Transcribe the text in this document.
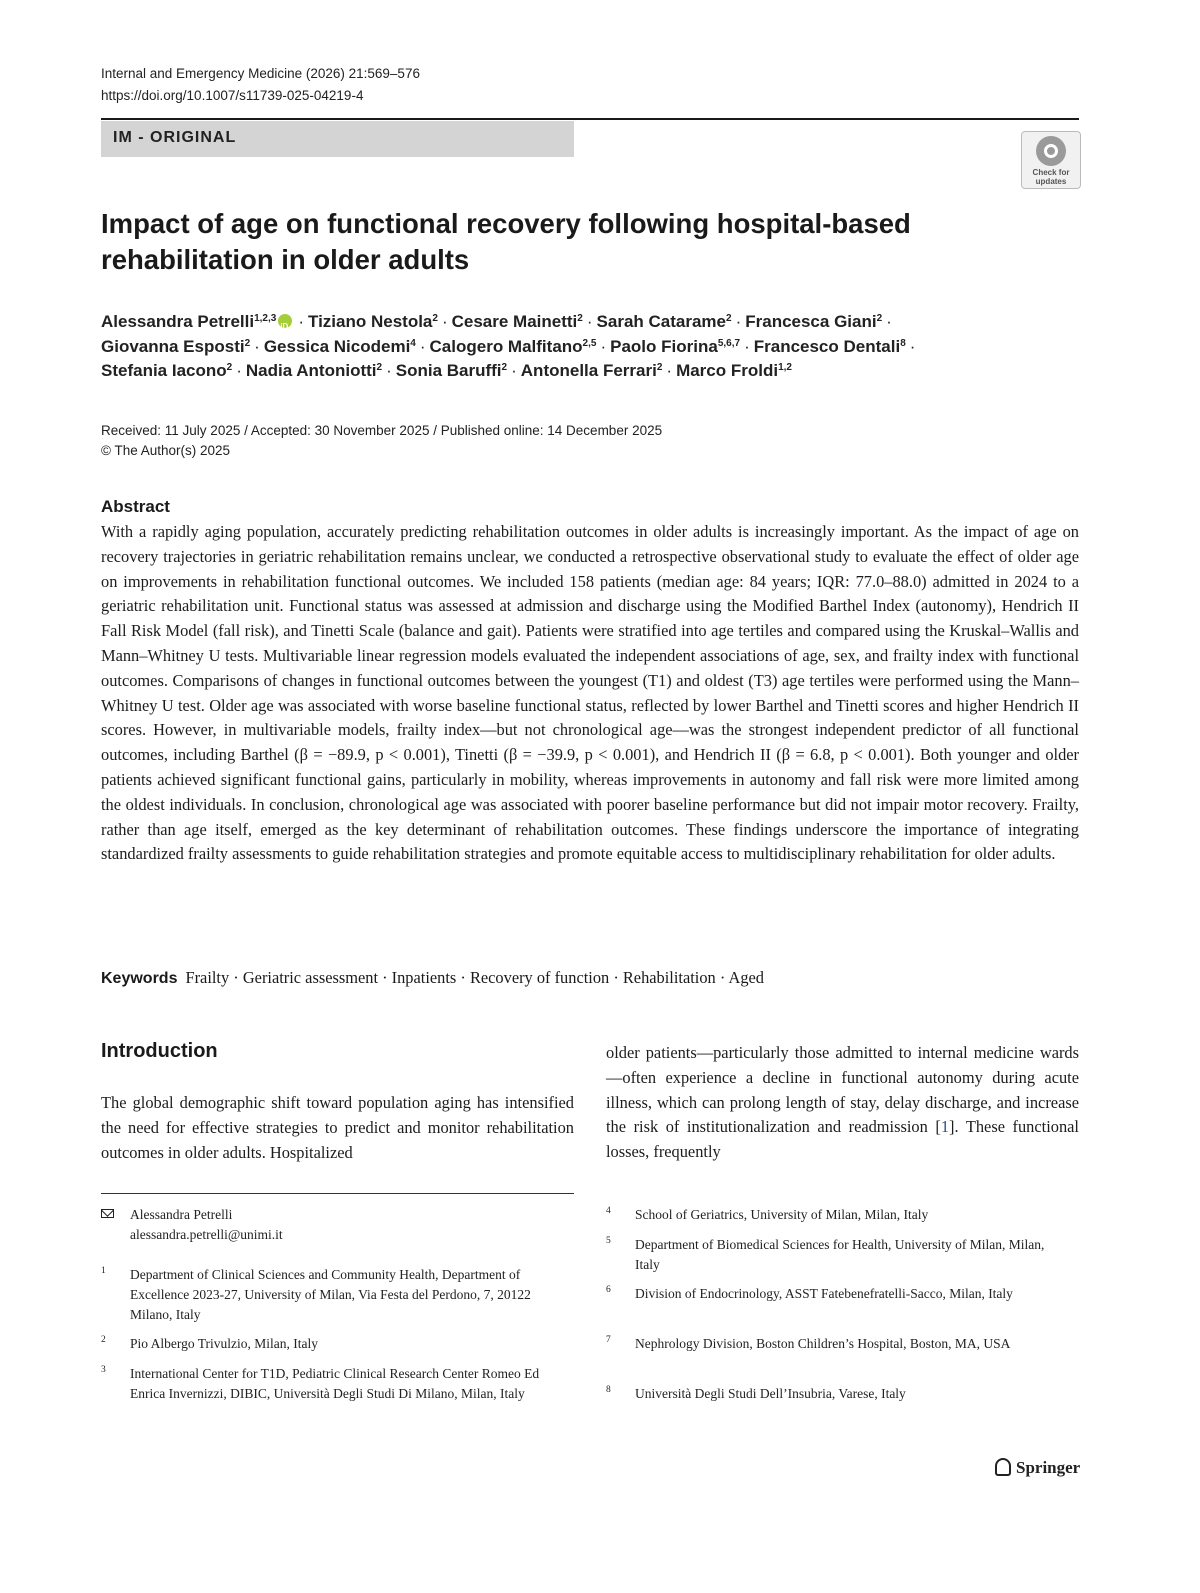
Internal and Emergency Medicine (2026) 21:569–576
https://doi.org/10.1007/s11739-025-04219-4
IM - ORIGINAL
Check for
updates
Impact of age on functional recovery following hospital-based
rehabilitation in older adults
Alessandra Petrelli$^{1,2,3}$iD · Tiziano Nestola$^2$ · Cesare Mainetti$^2$ · Sarah Catarame$^2$ · Francesca Giani$^2$ ·
Giovanna Esposti$^2$ · Gessica Nicodemi$^4$ · Calogero Malfitano$^{2,5}$ · Paolo Fiorina$^{5,6,7}$ · Francesco Dentali$^8$ ·
Stefania Iacono$^2$ · Nadia Antoniotti$^2$ · Sonia Baruffi$^2$ · Antonella Ferrari$^2$ · Marco Froldi$^{1,2}$
Received: 11 July 2025 / Accepted: 30 November 2025 / Published online: 14 December 2025
© The Author(s) 2025
Abstract
With a rapidly aging population, accurately predicting rehabilitation outcomes in older adults is increasingly important. As the impact of age on recovery trajectories in geriatric rehabilitation remains unclear, we conducted a retrospective observational study to evaluate the effect of older age on improvements in rehabilitation functional outcomes. We included 158 patients (median age: 84 years; IQR: 77.0–88.0) admitted in 2024 to a geriatric rehabilitation unit. Functional status was assessed at admission and discharge using the Modified Barthel Index (autonomy), Hendrich II Fall Risk Model (fall risk), and Tinetti Scale (balance and gait). Patients were stratified into age tertiles and compared using the Kruskal–Wallis and Mann–Whitney U tests. Multivariable linear regression models evaluated the independent associations of age, sex, and frailty index with functional outcomes. Comparisons of changes in functional outcomes between the youngest (T1) and oldest (T3) age tertiles were performed using the Mann–Whitney U test. Older age was associated with worse baseline functional status, reflected by lower Barthel and Tinetti scores and higher Hendrich II scores. However, in multivariable models, frailty index—but not chronological age—was the strongest independent predictor of all functional outcomes, including Barthel (β = −89.9, p < 0.001), Tinetti (β = −39.9, p < 0.001), and Hendrich II (β = 6.8, p < 0.001). Both younger and older patients achieved significant functional gains, particularly in mobility, whereas improvements in autonomy and fall risk were more limited among the oldest individuals. In conclusion, chronological age was associated with poorer baseline performance but did not impair motor recovery. Frailty, rather than age itself, emerged as the key determinant of rehabilitation outcomes. These findings underscore the importance of integrating standardized frailty assessments to guide rehabilitation strategies and promote equitable access to multidisciplinary rehabilitation for older adults.
Keywords Frailty · Geriatric assessment · Inpatients · Recovery of function · Rehabilitation · Aged
Introduction
The global demographic shift toward population aging has intensified the need for effective strategies to predict and monitor rehabilitation outcomes in older adults. Hospitalized
older patients—particularly those admitted to internal medicine wards—often experience a decline in functional autonomy during acute illness, which can prolong length of stay, delay discharge, and increase the risk of institutionalization and readmission [1]. These functional losses, frequently
Alessandra Petrelli
alessandra.petrelli@unimi.it
1 Department of Clinical Sciences and Community Health, Department of Excellence 2023-27, University of Milan, Via Festa del Perdono, 7, 20122 Milano, Italy
2 Pio Albergo Trivulzio, Milan, Italy
3 International Center for T1D, Pediatric Clinical Research Center Romeo Ed Enrica Invernizzi, DIBIC, Università Degli Studi Di Milano, Milan, Italy
4 School of Geriatrics, University of Milan, Milan, Italy
5 Department of Biomedical Sciences for Health, University of Milan, Milan, Italy
6 Division of Endocrinology, ASST Fatebenefratelli-Sacco, Milan, Italy
7 Nephrology Division, Boston Children’s Hospital, Boston, MA, USA
8 Università Degli Studi Dell’Insubria, Varese, Italy
Springer
